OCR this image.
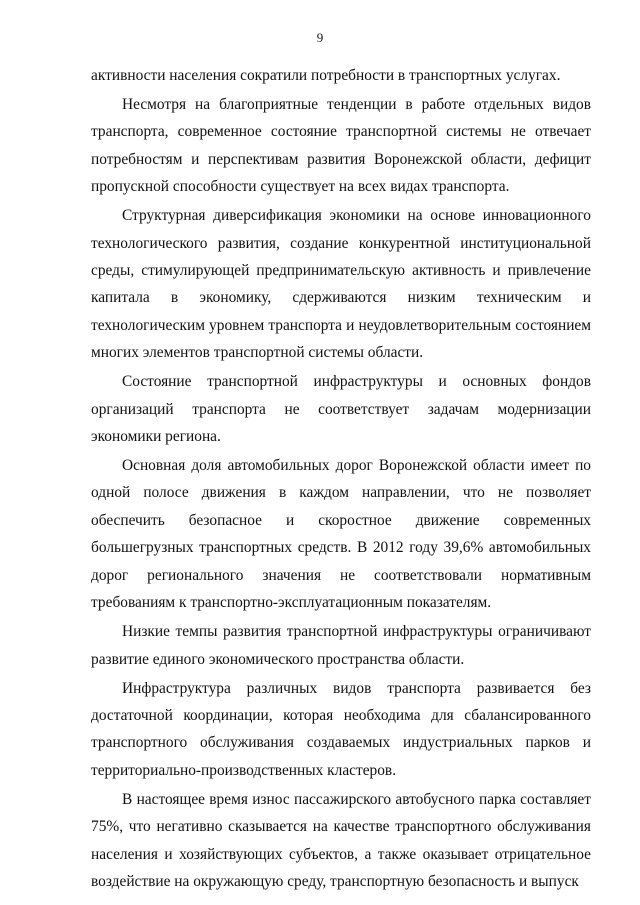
9

активности населения сократили потребности в транспортных услугах.

Несмотря на благоприятные тенденции в работе отдельных видов транспорта, современное состояние транспортной системы не отвечает потребностям и перспективам развития Воронежской области, дефицит пропускной способности существует на всех видах транспорта.

Структурная диверсификация экономики на основе инновационного технологического развития, создание конкурентной институциональной среды, стимулирующей предпринимательскую активность и привлечение капитала в экономику, сдерживаются низким техническим и технологическим уровнем транспорта и неудовлетворительным состоянием многих элементов транспортной системы области.

Состояние транспортной инфраструктуры и основных фондов организаций транспорта не соответствует задачам модернизации экономики региона.

Основная доля автомобильных дорог Воронежской области имеет по одной полосе движения в каждом направлении, что не позволяет обеспечить безопасное и скоростное движение современных большегрузных транспортных средств. В 2012 году 39,6% автомобильных дорог регионального значения не соответствовали нормативным требованиям к транспортно-эксплуатационным показателям.

Низкие темпы развития транспортной инфраструктуры ограничивают развитие единого экономического пространства области.

Инфраструктура различных видов транспорта развивается без достаточной координации, которая необходима для сбалансированного транспортного обслуживания создаваемых индустриальных парков и территориально-производственных кластеров.

В настоящее время износ пассажирского автобусного парка составляет 75%, что негативно сказывается на качестве транспортного обслуживания населения и хозяйствующих субъектов, а также оказывает отрицательное воздействие на окружающую среду, транспортную безопасность и выпуск
